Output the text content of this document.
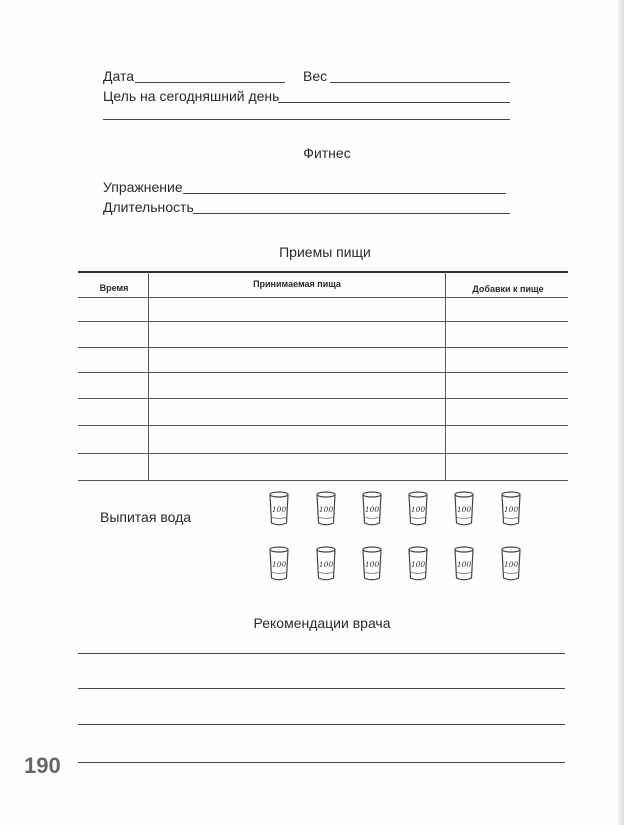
Дата	Вес
Цель на сегодняшний день
Фитнес
Упражнение
Длительность
Приемы пищи
Время	Принимаемая пища	Добавки к пище
Выпитая вода	100	100	100	100	100	100
100	100	100	100	100	100
Рекомендации врача
190
